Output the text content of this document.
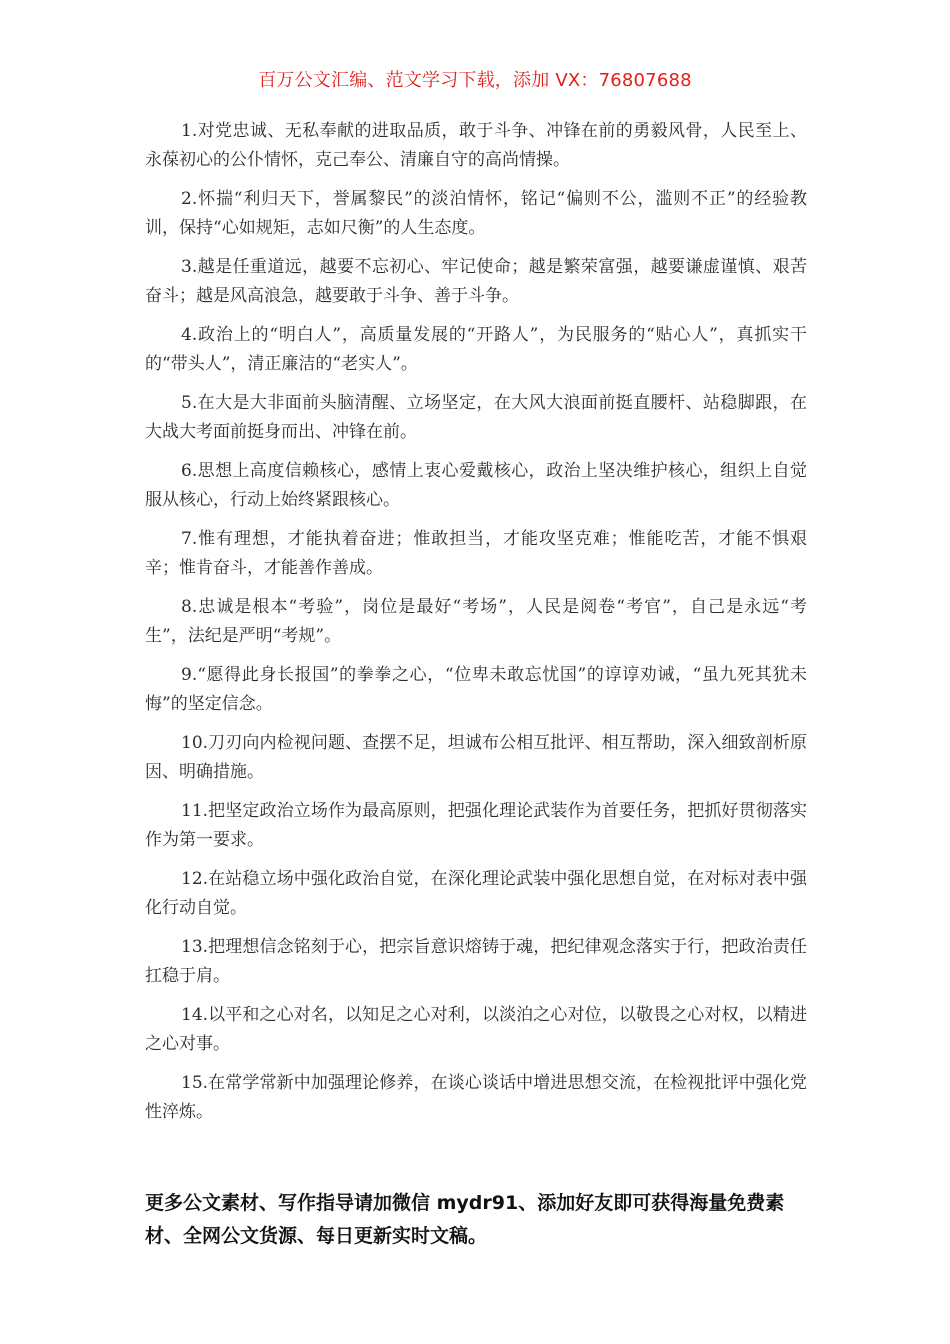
百万公文汇编、范文学习下载，添加 VX：76807688

1.对党忠诚、无私奉献的进取品质，敢于斗争、冲锋在前的勇毅风骨，人民至上、永葆初心的公仆情怀，克己奉公、清廉自守的高尚情操。

2.怀揣“利归天下，誉属黎民”的淡泊情怀，铭记“偏则不公，滥则不正”的经验教训，保持“心如规矩，志如尺衡”的人生态度。

3.越是任重道远，越要不忘初心、牢记使命；越是繁荣富强，越要谦虚谨慎、艰苦奋斗；越是风高浪急，越要敢于斗争、善于斗争。

4.政治上的“明白人”，高质量发展的“开路人”，为民服务的“贴心人”，真抓实干的“带头人”，清正廉洁的“老实人”。

5.在大是大非面前头脑清醒、立场坚定，在大风大浪面前挺直腰杆、站稳脚跟，在大战大考面前挺身而出、冲锋在前。

6.思想上高度信赖核心，感情上衷心爱戴核心，政治上坚决维护核心，组织上自觉服从核心，行动上始终紧跟核心。

7.惟有理想，才能执着奋进；惟敢担当，才能攻坚克难；惟能吃苦，才能不惧艰辛；惟肯奋斗，才能善作善成。

8.忠诚是根本“考验”，岗位是最好“考场”，人民是阅卷“考官”，自己是永远“考生”，法纪是严明“考规”。

9.“愿得此身长报国”的拳拳之心，“位卑未敢忘忧国”的谆谆劝诫，“虽九死其犹未悔”的坚定信念。

10.刀刃向内检视问题、查摆不足，坦诚布公相互批评、相互帮助，深入细致剖析原因、明确措施。

11.把坚定政治立场作为最高原则，把强化理论武装作为首要任务，把抓好贯彻落实作为第一要求。

12.在站稳立场中强化政治自觉，在深化理论武装中强化思想自觉，在对标对表中强化行动自觉。

13.把理想信念铭刻于心，把宗旨意识熔铸于魂，把纪律观念落实于行，把政治责任扛稳于肩。

14.以平和之心对名，以知足之心对利，以淡泊之心对位，以敬畏之心对权，以精进之心对事。

15.在常学常新中加强理论修养，在谈心谈话中增进思想交流，在检视批评中强化党性淬炼。

更多公文素材、写作指导请加微信 mydr91、添加好友即可获得海量免费素材、全网公文货源、每日更新实时文稿。
